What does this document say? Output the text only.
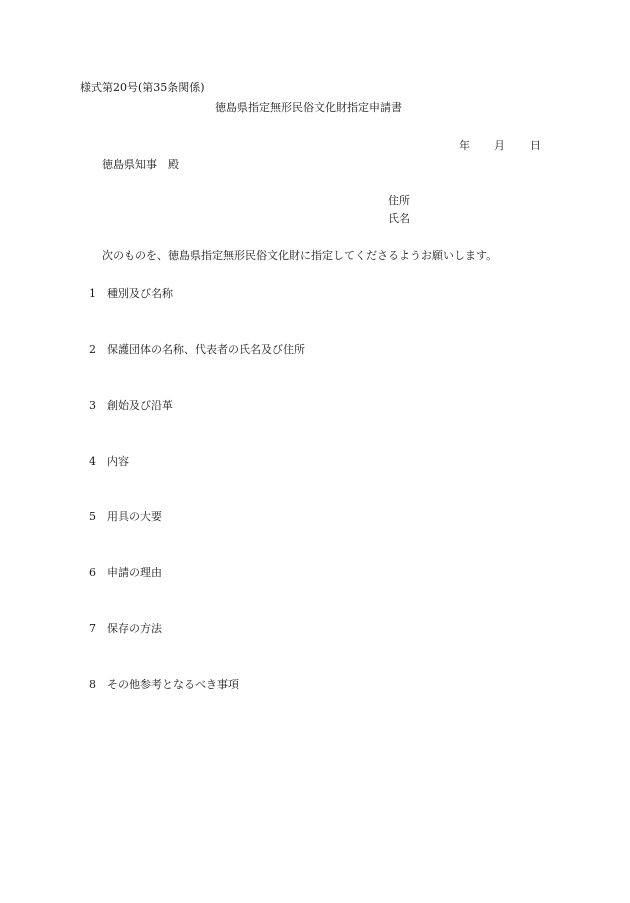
様式第20号(第35条関係)
徳島県指定無形民俗文化財指定申請書
年 月 日
徳島県知事　殿
住所
氏名
次のものを、徳島県指定無形民俗文化財に指定してくださるようお願いします。
1 種別及び名称
2 保護団体の名称、代表者の氏名及び住所
3 創始及び沿革
4 内容
5 用具の大要
6 申請の理由
7 保存の方法
8 その他参考となるべき事項
